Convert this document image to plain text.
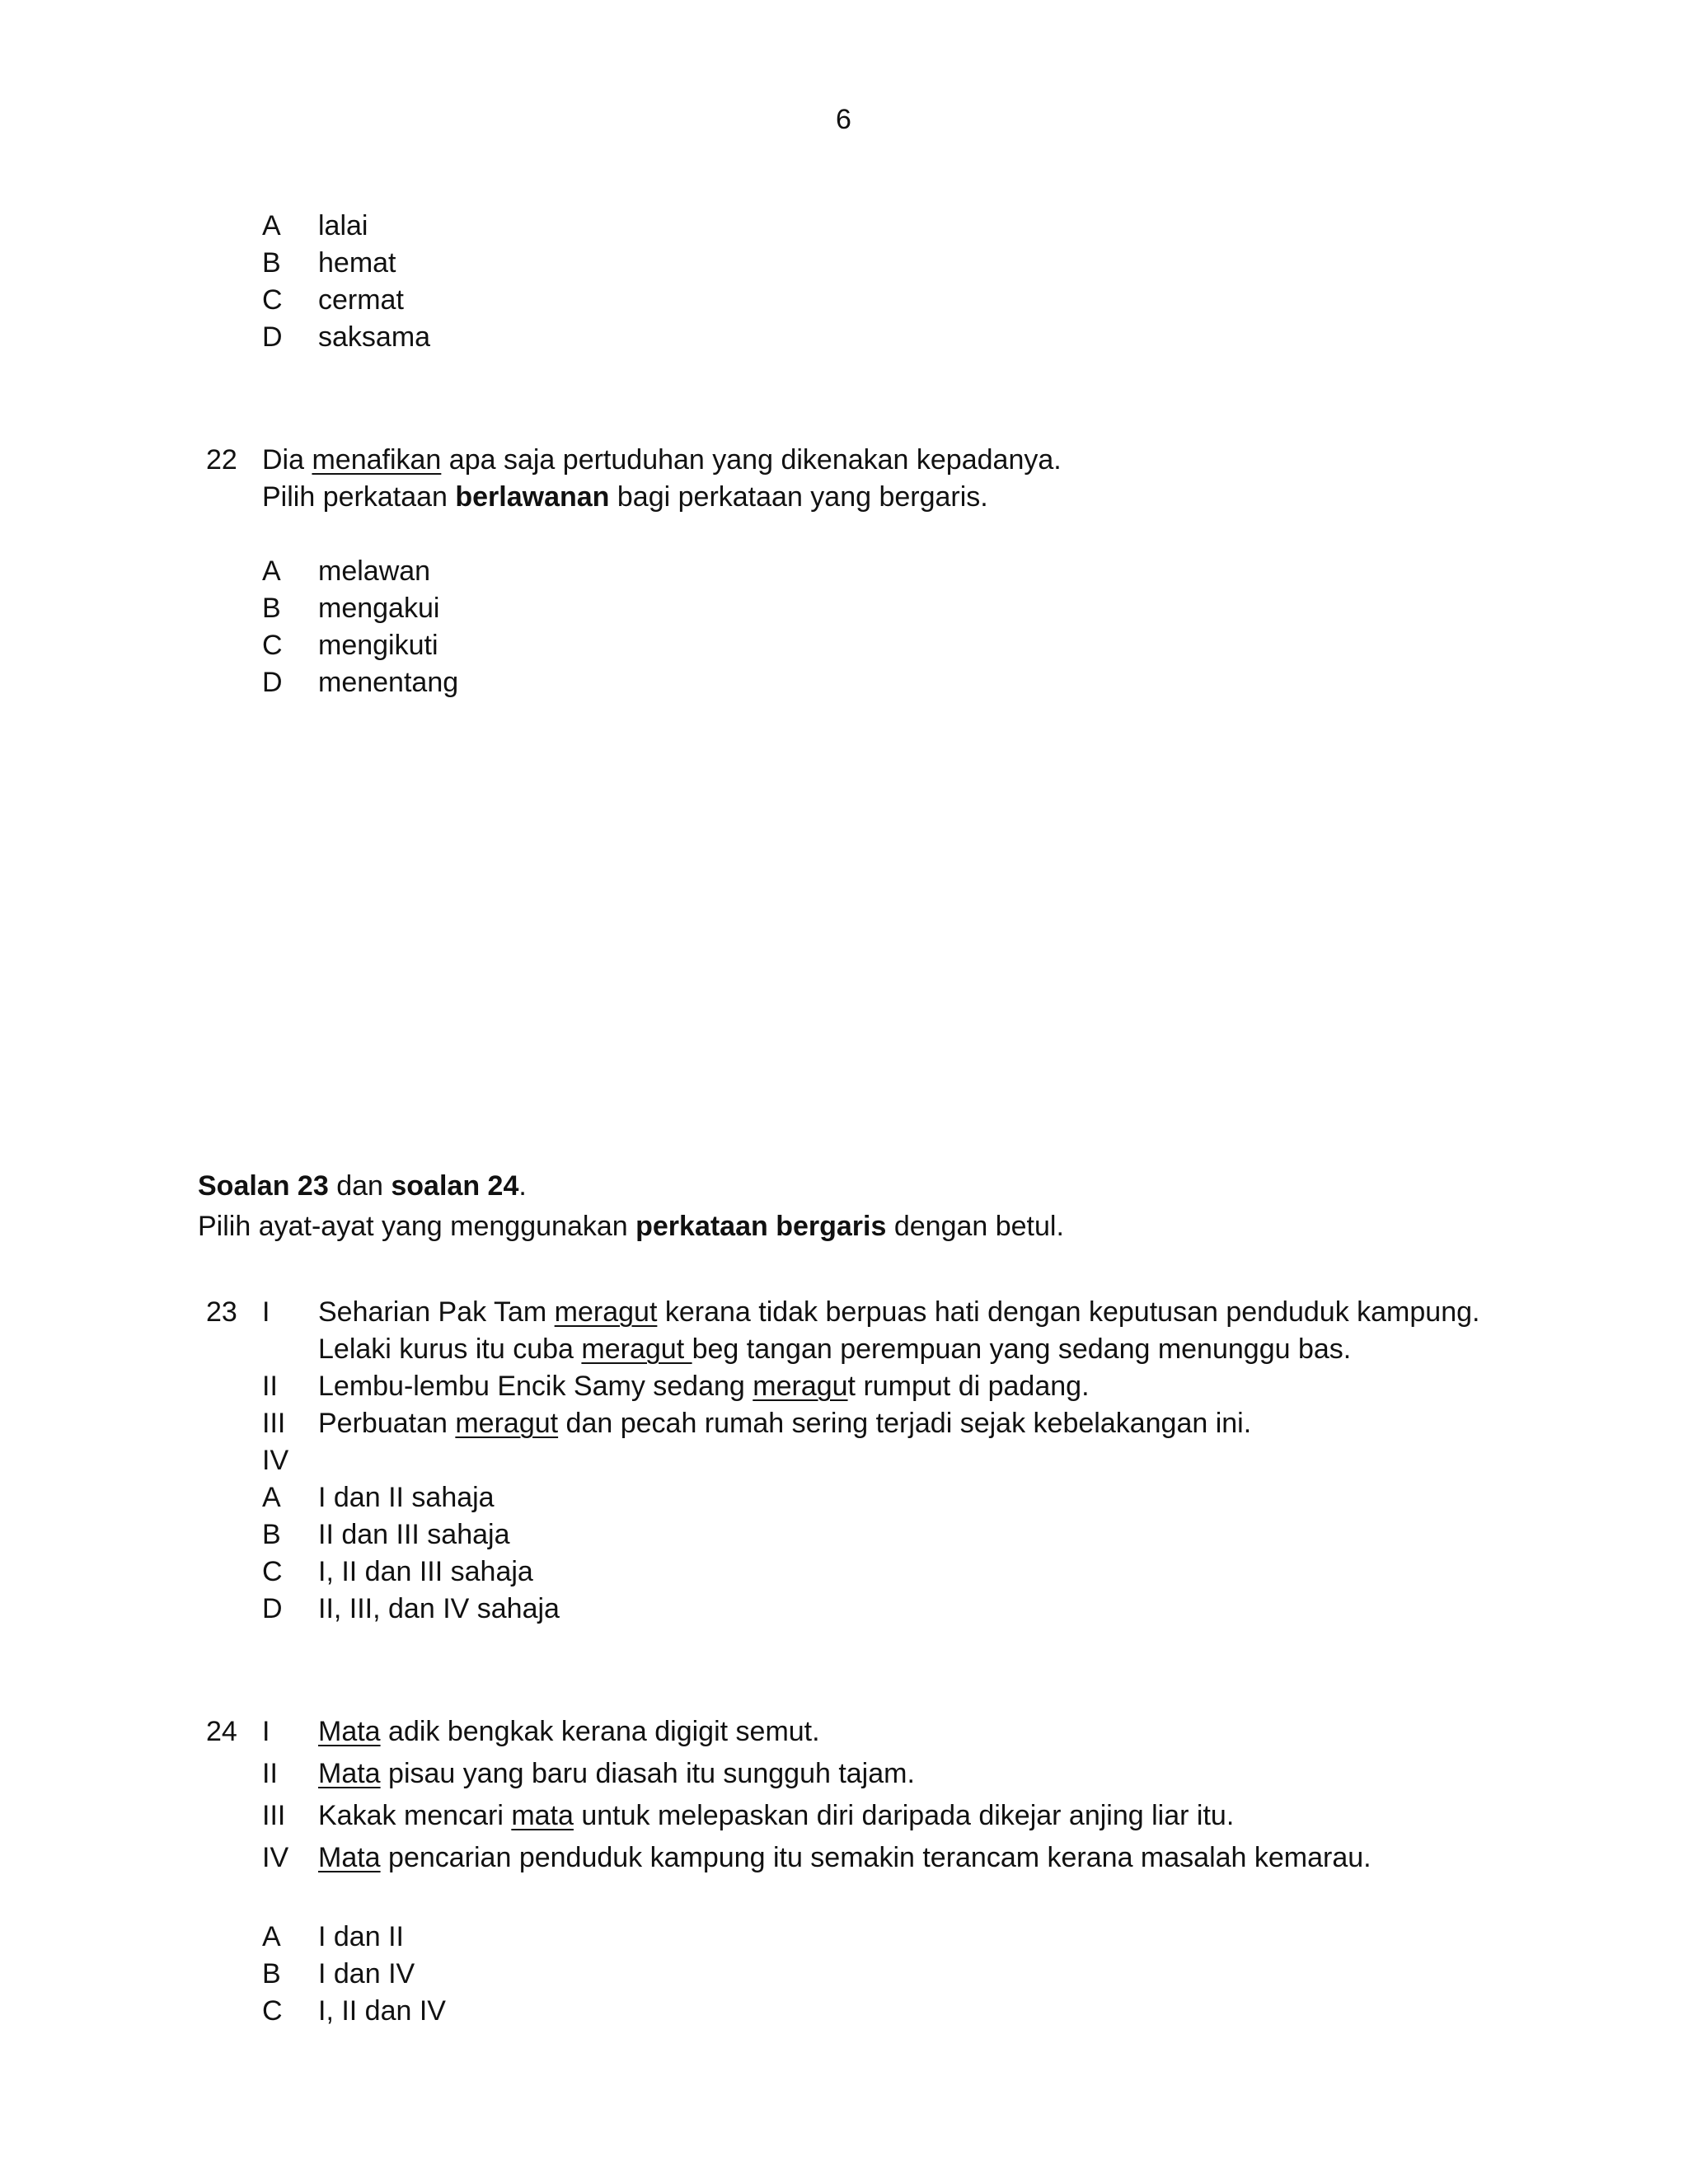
6
A lalai
B hemat
C cermat
D saksama
22 Dia menafikan apa saja pertuduhan yang dikenakan kepadanya.
Pilih perkataan berlawanan bagi perkataan yang bergaris.
A melawan
B mengakui
C mengikuti
D menentang
Soalan 23 dan soalan 24.
Pilih ayat-ayat yang menggunakan perkataan bergaris dengan betul.
23 I Seharian Pak Tam meragut kerana tidak berpuas hati dengan keputusan penduduk kampung.
Lelaki kurus itu cuba meragut beg tangan perempuan yang sedang menunggu bas.
II Lembu-lembu Encik Samy sedang meragut rumput di padang.
III Perbuatan meragut dan pecah rumah sering terjadi sejak kebelakangan ini.
IV
A I dan II sahaja
B II dan III sahaja
C I, II dan III sahaja
D II, III, dan IV sahaja
24 I Mata adik bengkak kerana digigit semut.
II Mata pisau yang baru diasah itu sungguh tajam.
III Kakak mencari mata untuk melepaskan diri daripada dikejar anjing liar itu.
IV Mata pencarian penduduk kampung itu semakin terancam kerana masalah kemarau.
A I dan II
B I dan IV
C I, II dan IV
